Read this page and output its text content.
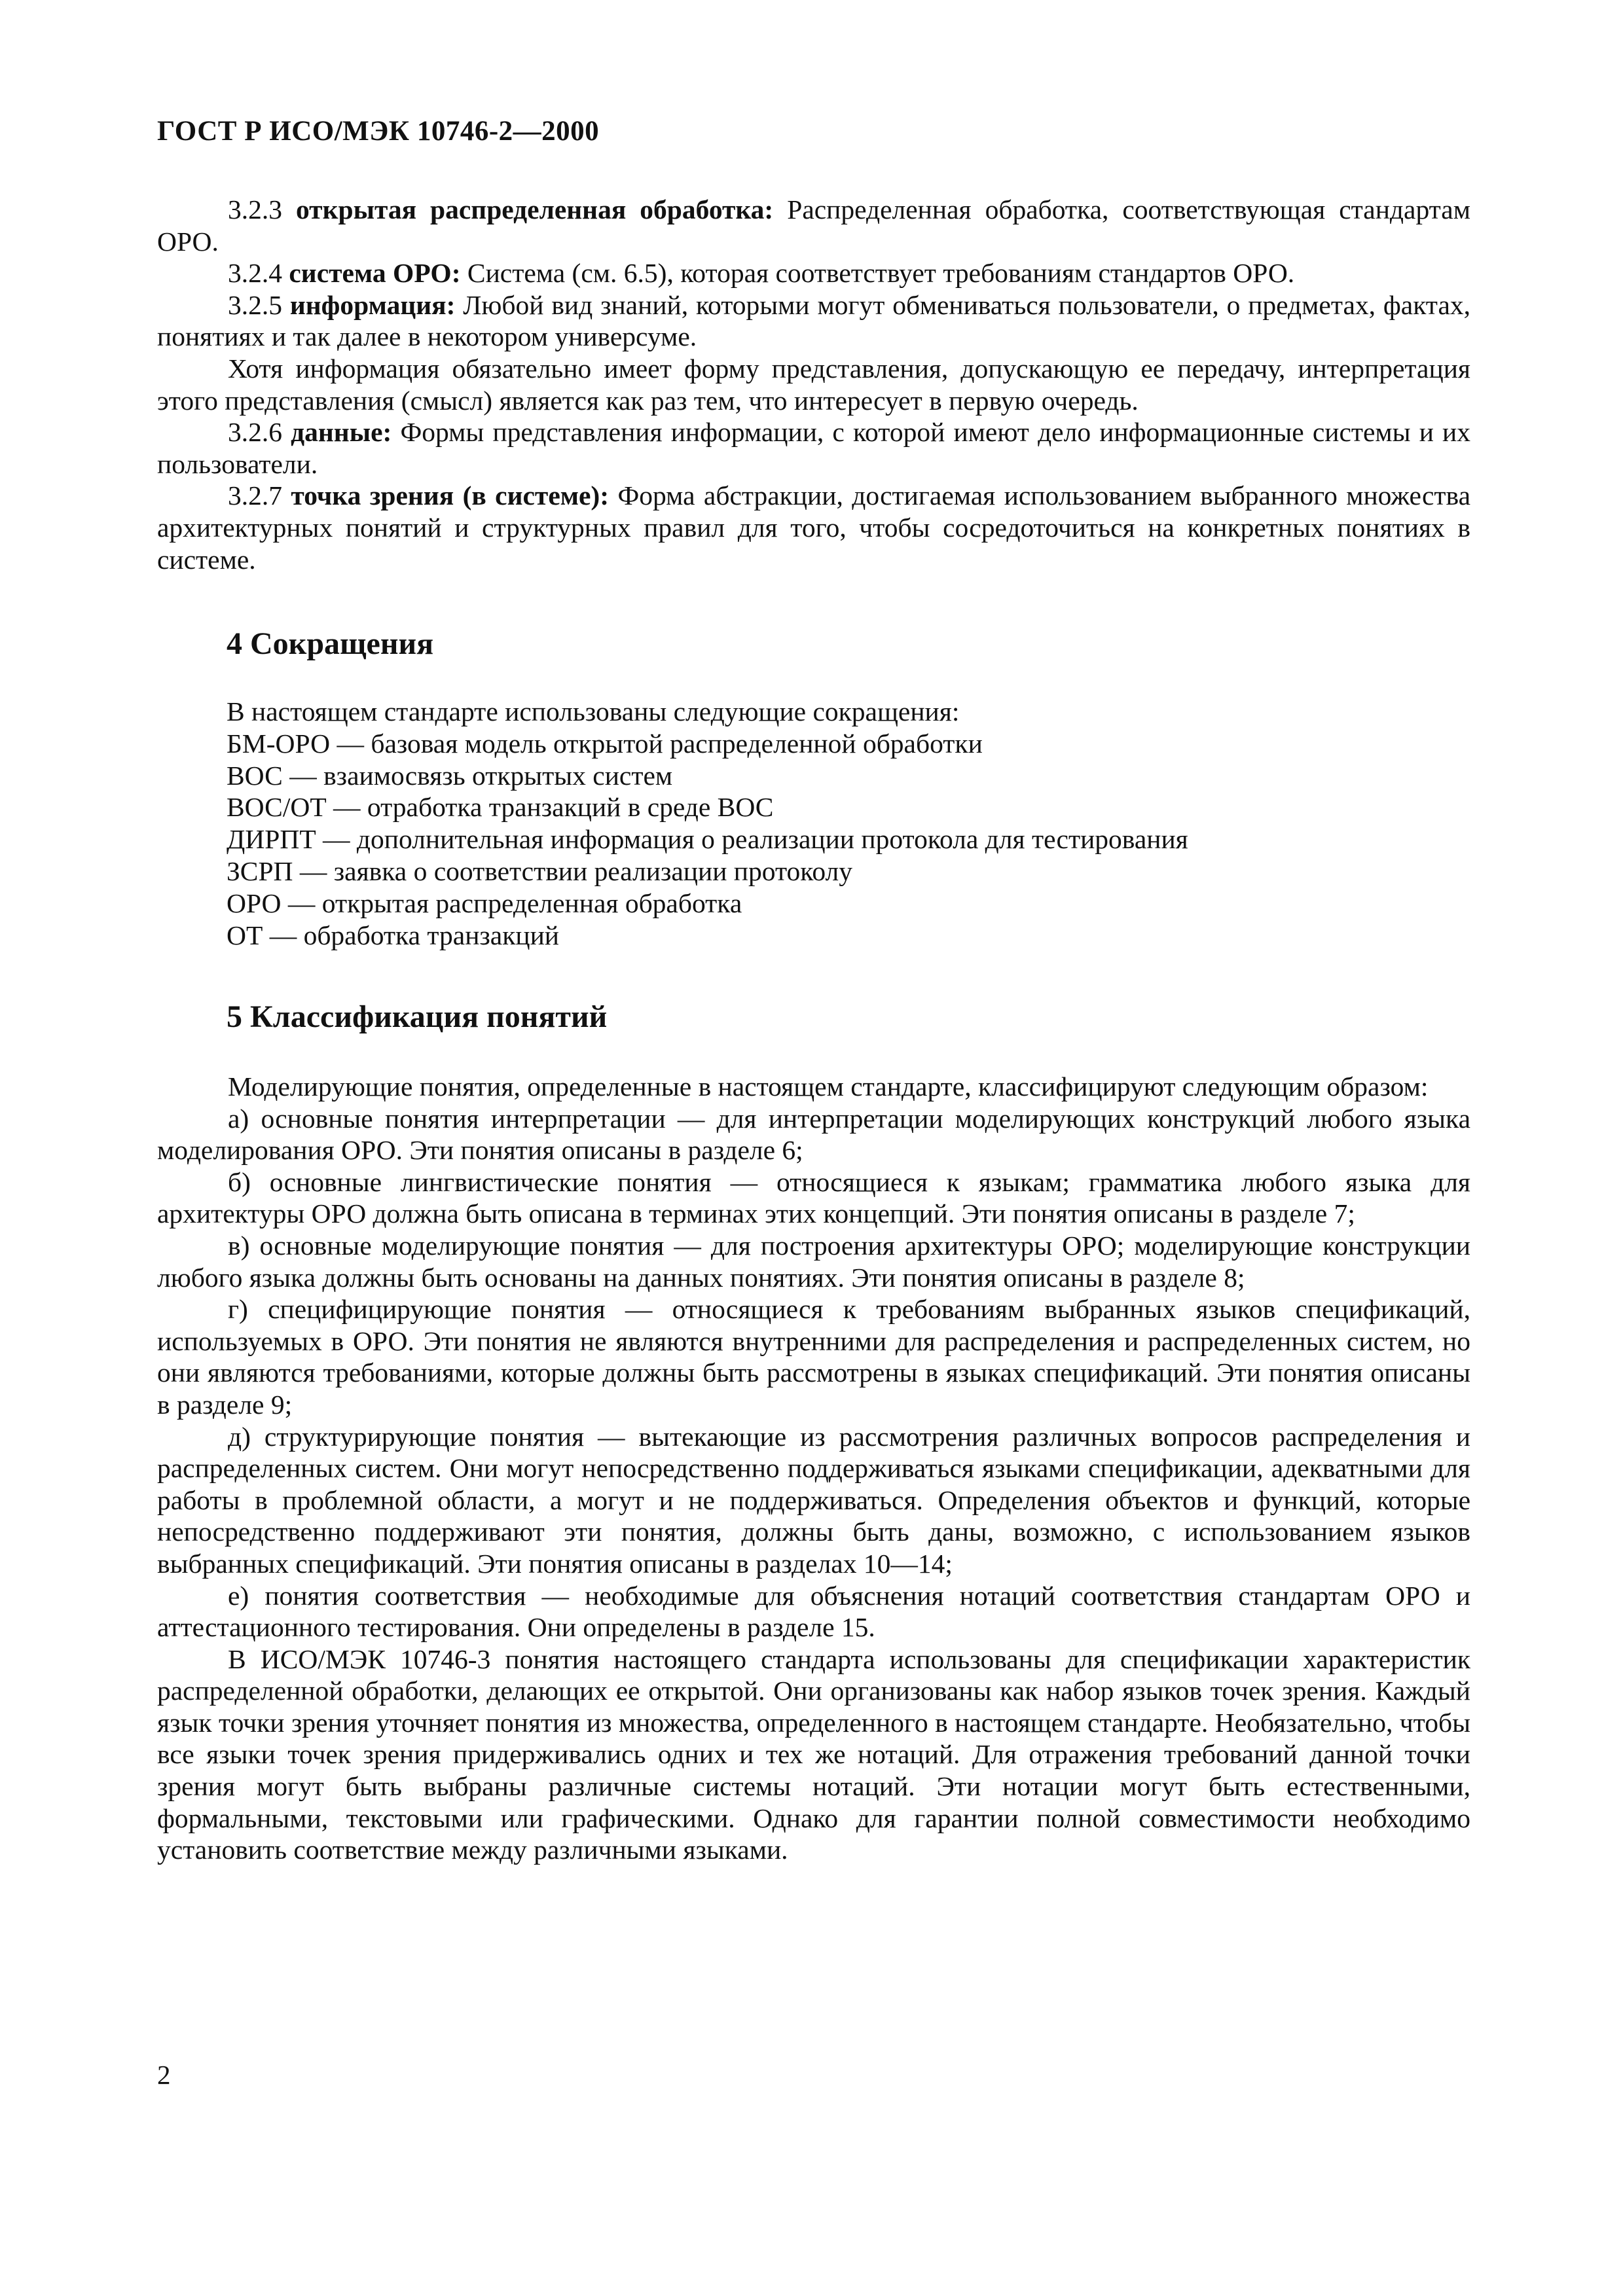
ГОСТ Р ИСО/МЭК 10746-2—2000

3.2.3 открытая распределенная обработка: Распределенная обработка, соответствующая стандартам ОРО.

3.2.4 система ОРО: Система (см. 6.5), которая соответствует требованиям стандартов ОРО.

3.2.5 информация: Любой вид знаний, которыми могут обмениваться пользователи, о предметах, фактах, понятиях и так далее в некотором универсуме.

Хотя информация обязательно имеет форму представления, допускающую ее передачу, интерпретация этого представления (смысл) является как раз тем, что интересует в первую очередь.

3.2.6 данные: Формы представления информации, с которой имеют дело информационные системы и их пользователи.

3.2.7 точка зрения (в системе): Форма абстракции, достигаемая использованием выбранного множества архитектурных понятий и структурных правил для того, чтобы сосредоточиться на конкретных понятиях в системе.

4 Сокращения
В настоящем стандарте использованы следующие сокращения:
БМ-ОРО — базовая модель открытой распределенной обработки
ВОС — взаимосвязь открытых систем
ВОС/ОТ — отработка транзакций в среде ВОС
ДИРПТ — дополнительная информация о реализации протокола для тестирования
ЗСРП — заявка о соответствии реализации протоколу
ОРО — открытая распределенная обработка
ОТ — обработка транзакций
5 Классификация понятий

Моделирующие понятия, определенные в настоящем стандарте, классифицируют следующим образом:

а) основные понятия интерпретации — для интерпретации моделирующих конструкций любого языка моделирования ОРО. Эти понятия описаны в разделе 6;

б) основные лингвистические понятия — относящиеся к языкам; грамматика любого языка для архитектуры ОРО должна быть описана в терминах этих концепций. Эти понятия описаны в разделе 7;

в) основные моделирующие понятия — для построения архитектуры ОРО; моделирующие конструкции любого языка должны быть основаны на данных понятиях. Эти понятия описаны в разделе 8;

г) специфицирующие понятия — относящиеся к требованиям выбранных языков спецификаций, используемых в ОРО. Эти понятия не являются внутренними для распределения и распределенных систем, но они являются требованиями, которые должны быть рассмотрены в языках спецификаций. Эти понятия описаны в разделе 9;

д) структурирующие понятия — вытекающие из рассмотрения различных вопросов распределения и распределенных систем. Они могут непосредственно поддерживаться языками спецификации, адекватными для работы в проблемной области, а могут и не поддерживаться. Определения объектов и функций, которые непосредственно поддерживают эти понятия, должны быть даны, возможно, с использованием языков выбранных спецификаций. Эти понятия описаны в разделах 10—14;

е) понятия соответствия — необходимые для объяснения нотаций соответствия стандартам ОРО и аттестационного тестирования. Они определены в разделе 15.

В ИСО/МЭК 10746-3 понятия настоящего стандарта использованы для спецификации характеристик распределенной обработки, делающих ее открытой. Они организованы как набор языков точек зрения. Каждый язык точки зрения уточняет понятия из множества, определенного в настоящем стандарте. Необязательно, чтобы все языки точек зрения придерживались одних и тех же нотаций. Для отражения требований данной точки зрения могут быть выбраны различные системы нотаций. Эти нотации могут быть естественными, формальными, текстовыми или графическими. Однако для гарантии полной совместимости необходимо установить соответствие между различными языками.

2
